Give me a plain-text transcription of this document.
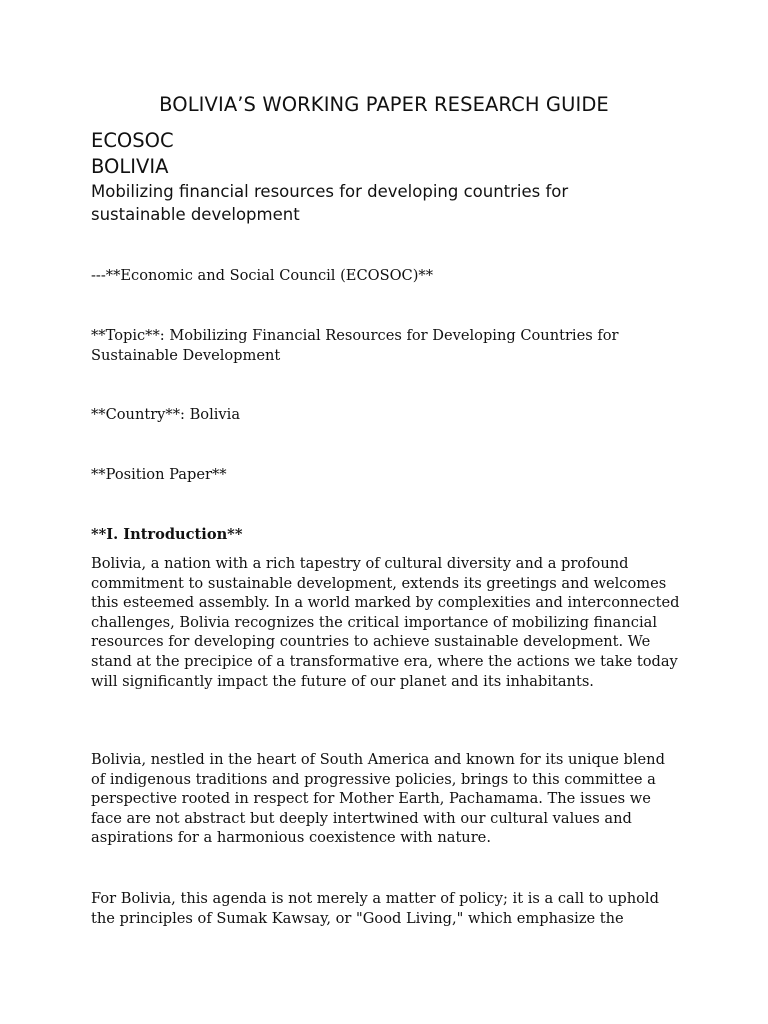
BOLIVIA’S WORKING PAPER RESEARCH GUIDE
ECOSOC
BOLIVIA
Mobilizing financial resources for developing countries for sustainable development
---**Economic and Social Council (ECOSOC)**
**Topic**: Mobilizing Financial Resources for Developing Countries for Sustainable Development
**Country**: Bolivia
**Position Paper**
**I. Introduction**
Bolivia, a nation with a rich tapestry of cultural diversity and a profound commitment to sustainable development, extends its greetings and welcomes this esteemed assembly. In a world marked by complexities and interconnected challenges, Bolivia recognizes the critical importance of mobilizing financial resources for developing countries to achieve sustainable development. We stand at the precipice of a transformative era, where the actions we take today will significantly impact the future of our planet and its inhabitants.
Bolivia, nestled in the heart of South America and known for its unique blend of indigenous traditions and progressive policies, brings to this committee a perspective rooted in respect for Mother Earth, Pachamama. The issues we face are not abstract but deeply intertwined with our cultural values and aspirations for a harmonious coexistence with nature.
For Bolivia, this agenda is not merely a matter of policy; it is a call to uphold the principles of Sumak Kawsay, or "Good Living," which emphasize the
